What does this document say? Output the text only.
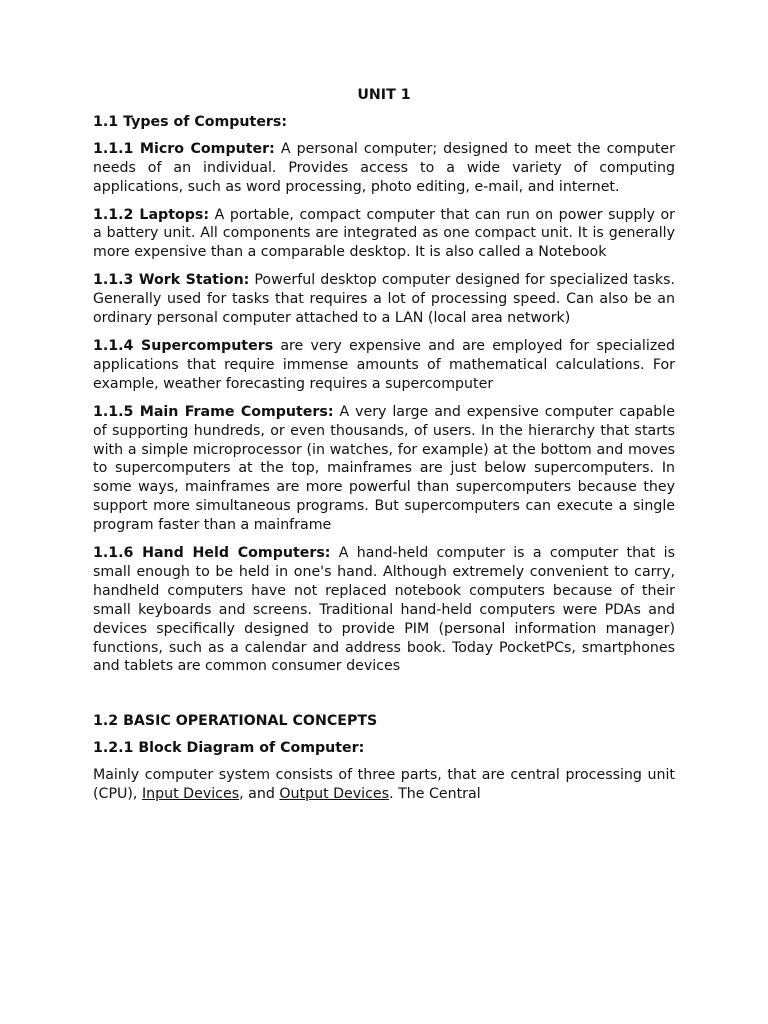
UNIT 1
1.1 Types of Computers:

1.1.1 Micro Computer: A personal computer; designed to meet the computer needs of an individual. Provides access to a wide variety of computing applications, such as word processing, photo editing, e-mail, and internet.

1.1.2 Laptops: A portable, compact computer that can run on power supply or a battery unit. All components are integrated as one compact unit. It is generally more expensive than a comparable desktop. It is also called a Notebook

1.1.3 Work Station: Powerful desktop computer designed for specialized tasks. Generally used for tasks that requires a lot of processing speed. Can also be an ordinary personal computer attached to a LAN (local area network)

1.1.4 Supercomputers are very expensive and are employed for specialized applications that require immense amounts of mathematical calculations. For example, weather forecasting requires a supercomputer

1.1.5 Main Frame Computers: A very large and expensive computer capable of supporting hundreds, or even thousands, of users. In the hierarchy that starts with a simple microprocessor (in watches, for example) at the bottom and moves to supercomputers at the top, mainframes are just below supercomputers. In some ways, mainframes are more powerful than supercomputers because they support more simultaneous programs. But supercomputers can execute a single program faster than a mainframe

1.1.6 Hand Held Computers: A hand-held computer is a computer that is small enough to be held in one's hand. Although extremely convenient to carry, handheld computers have not replaced notebook computers because of their small keyboards and screens. Traditional hand-held computers were PDAs and devices specifically designed to provide PIM (personal information manager) functions, such as a calendar and address book. Today PocketPCs, smartphones and tablets are common consumer devices

1.2 BASIC OPERATIONAL CONCEPTS
1.2.1 Block Diagram of Computer:

Mainly computer system consists of three parts, that are central processing unit (CPU), Input Devices, and Output Devices. The Central
